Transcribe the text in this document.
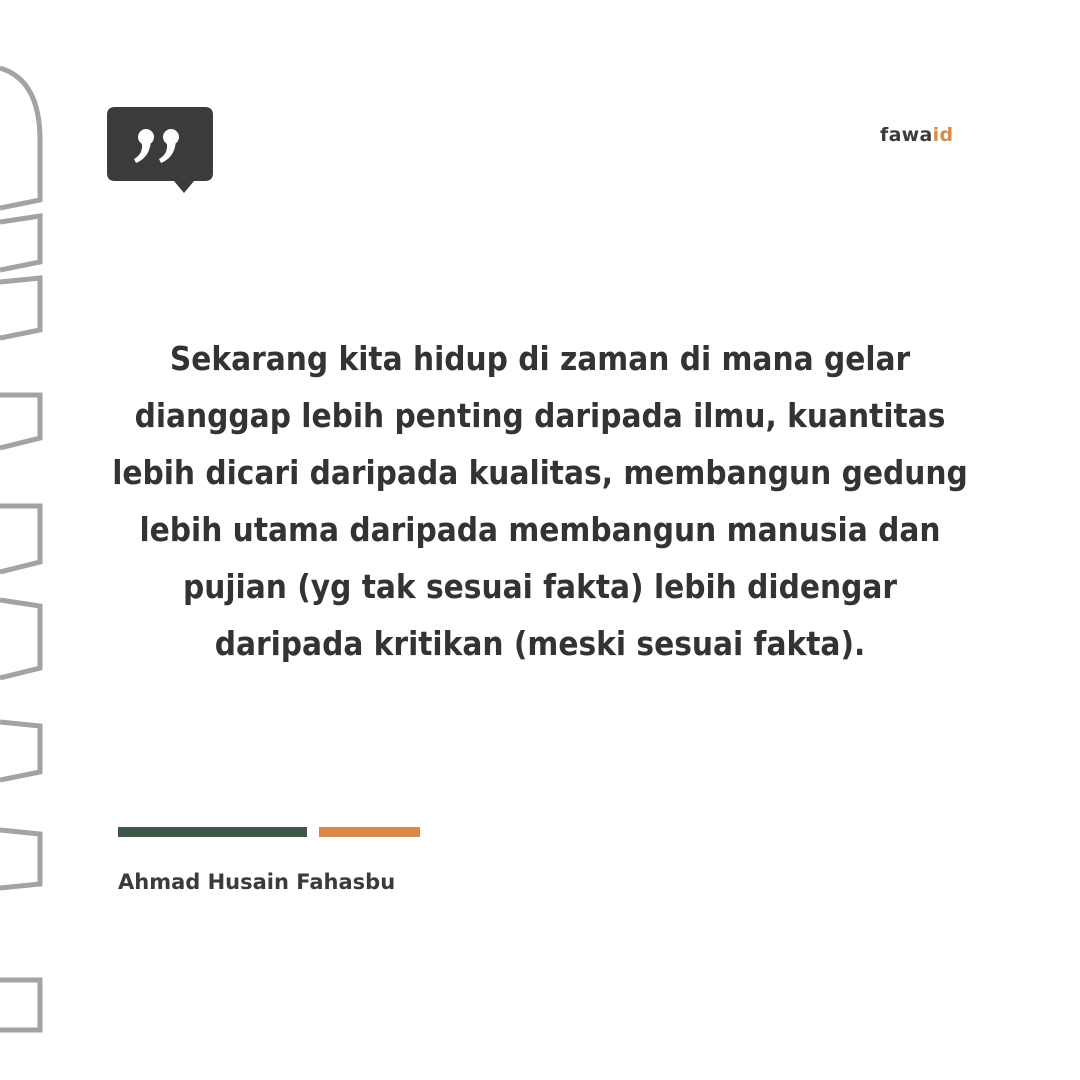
fawaid

Sekarang kita hidup di zaman di mana gelar
dianggap lebih penting daripada ilmu, kuantitas
lebih dicari daripada kualitas, membangun gedung
lebih utama daripada membangun manusia dan
pujian (yg tak sesuai fakta) lebih didengar
daripada kritikan (meski sesuai fakta).

Ahmad Husain Fahasbu
